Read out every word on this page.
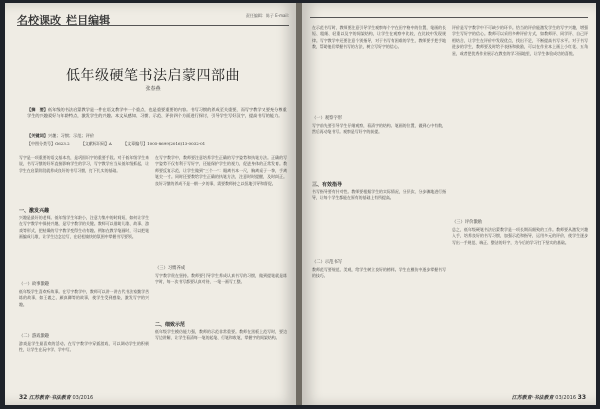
名校课改 栏目编辑	责任编辑：陈子 E-mail:
低年级硬笔书法启蒙四部曲
张春燕
【摘　要】低年级的书法启蒙教学是一件在语文教学中一个重点，也是重要重要的内容。书写习惯的养成至关重要，而写字教学又要充分尊重学生的兴趣爱好与年龄特点，激发学生的兴趣。本文从感知、习惯、示范、评价四个方面进行探讨，引导学生写好汉字，提高书写的能力。
【关键词】兴趣；习惯；示范；评价
【中图分类号】G623.2	【文献标识码】A	【文章编号】1005-8699(2016)13-0032-01
写字是一项重要的语文基本功，是巩固识字的重要手段。对于低年级学生来说，书写习惯的好坏直接影响学生的学习，写字教学应当从低年级抓起，让学生在启蒙阶段就养成良好的书写习惯，打下扎实的基础。
一、激发兴趣
兴趣是最好的老师。低年级学生年龄小，注意力集中的时间短，如何让学生在写字教学中保持兴趣，是写字教学的关键。教师可以借助儿歌、故事、游戏等形式，把枯燥的写字教学变得生动有趣。例如在教学笔画时，可以把笔画编成儿歌，让学生边念边写，在轻松愉快的氛围中掌握书写要领。
（一）故事激趣
低年级学生喜欢听故事。在写字教学中，教师可以讲一讲古代书法家勤学苦练的故事，如王羲之、颜真卿等的故事，使学生受到感染，激发写字的兴趣。
（二）游戏激趣
游戏是学生最喜欢的活动。在写字教学中穿插游戏，可以调动学生的积极性，让学生在玩中学、学中写。
在写字教学中，教师要注意培养学生正确的写字姿势和执笔方法。正确的写字姿势不仅有利于写好字，还能保护学生的视力，促进身体的正常发育。教师要反复示范，让学生做到“三个一”：眼离书本一尺，胸离桌子一拳，手离笔尖一寸。同时还要教给学生正确的执笔方法，注意时时提醒，及时纠正。良好习惯的养成不是一朝一夕的事，需要教师持之以恒地引导和督促。
（三）习惯养成
写字教学贵在坚持。教师要引导学生养成认真书写的习惯，做到提笔就是练字时，每一次书写都要认真对待，一笔一画写工整。
二、细致示范
低年级学生模仿能力强，教师的示范非常重要。教师在黑板上范写时，要边写边讲解，让学生看清每一笔的起笔、行笔和收笔，掌握字的间架结构。
32 江苏教育·书法教育 03/2016
在示范书写时，教师要注意引导学生观察每个字在田字格中的位置，笔画的长短、粗细、轻重以及字的间架结构，让学生在观察中比较，在比较中发现规律。写字教学中还要注意个别指导，对于书写有困难的学生，教师要手把手地教，帮助他们掌握书写的方法，树立写好字的信心。
（一）观察字形
写字前先要引导学生仔细观察，看清字的结构、笔画的位置，做到心中有数，然后再动笔书写。观察是写好字的前提。
三、有效指导
书写指导要有针对性。教师要根据学生的实际情况，分层次、分步骤地进行指导，让每个学生都能在原有的基础上有所提高。
（二）示范书写
教师范写要规范、美观，给学生树立良好的榜样。学生在模仿中逐步掌握书写的技巧。
评价是写字教学中不可缺少的环节。恰当的评价能激发学生的写字兴趣，增强学生写好字的信心。教师可以采用多种评价方式，如教师评、同学评、自己评相结合，让学生在评价中发现优点，找出不足，不断提高书写水平。对于书写进步的学生，教师要及时给予表扬和鼓励，可以在作业本上画上小红花、五角星，或者把优秀作业展示在教室的学习园地里，让学生体验成功的喜悦。
（三）评价激励
总之，低年级硬笔书法启蒙教学是一项长期而细致的工作。教师要从激发兴趣入手，培养良好的书写习惯，加强示范和指导，运用多元的评价，使学生逐步写出一手规范、端正、整洁的好字，为今后的学习打下坚实的基础。
江苏教育·书法教育 03/2016 33
